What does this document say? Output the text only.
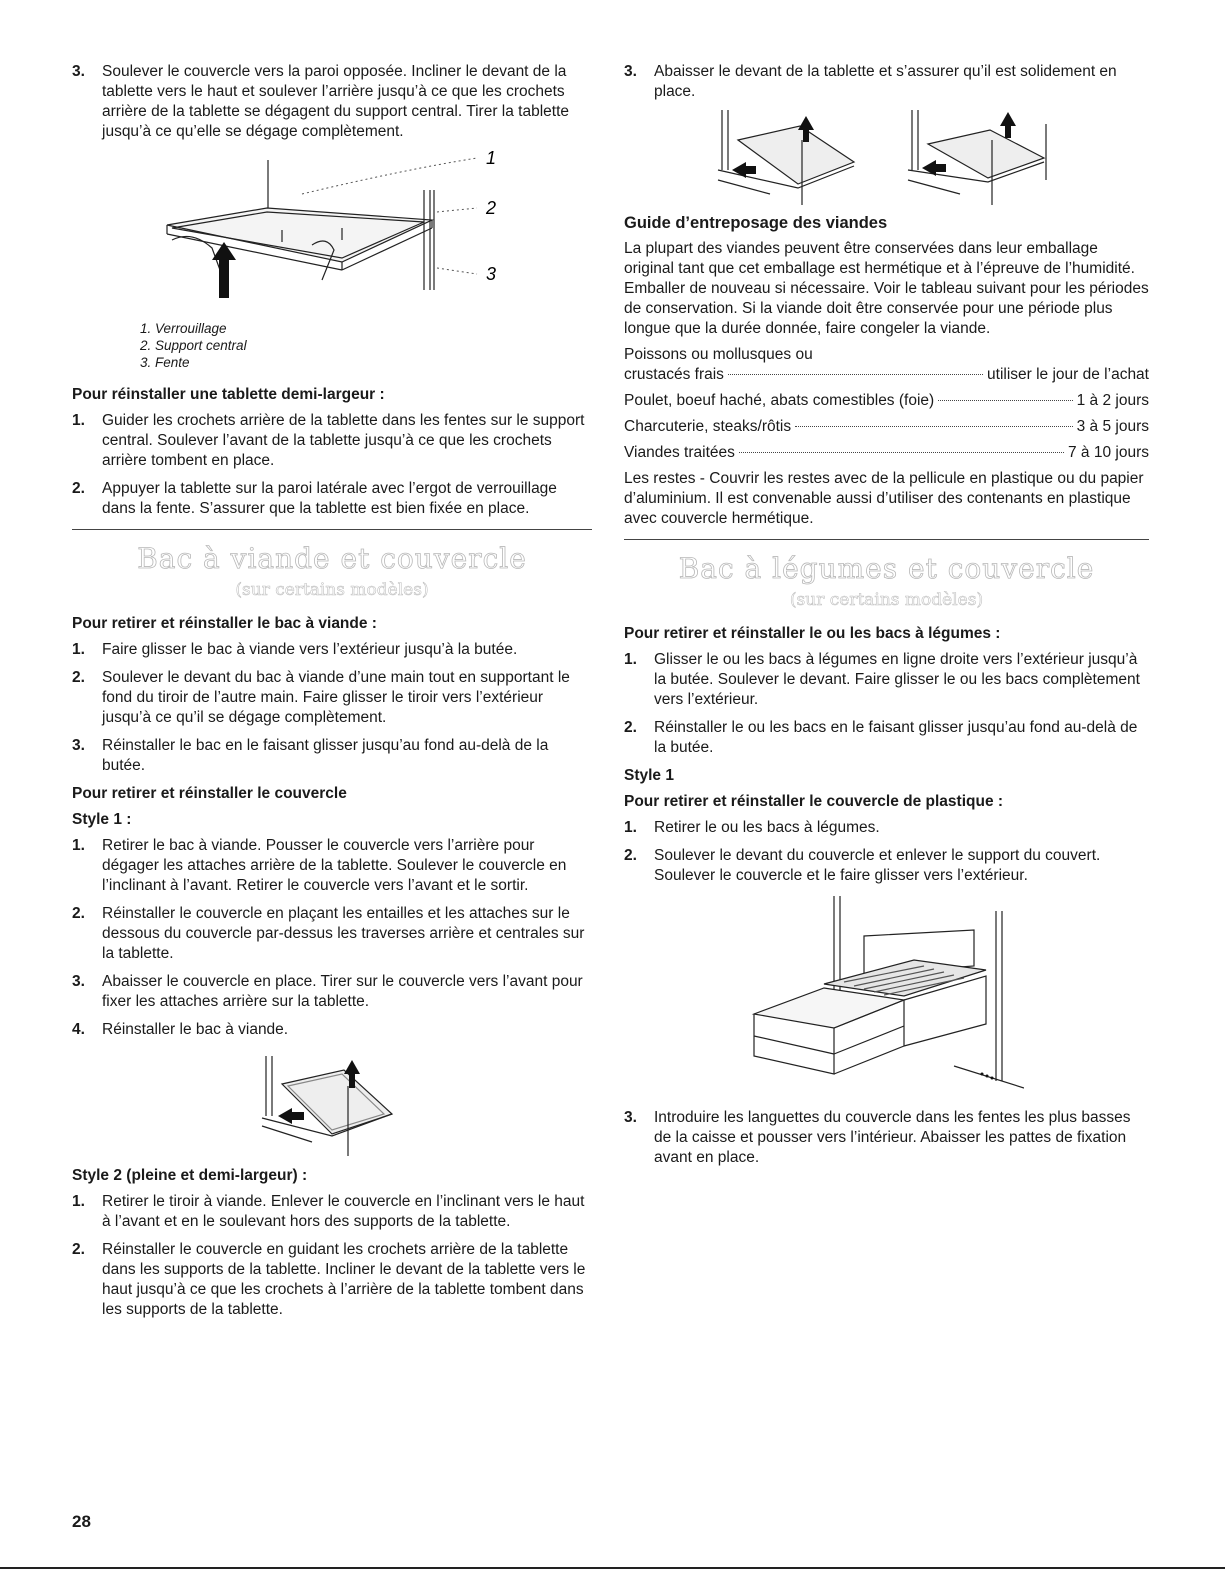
3. Soulever le couvercle vers la paroi opposée. Incliner le devant de la tablette vers le haut et soulever l’arrière jusqu’à ce que les crochets arrière de la tablette se dégagent du support central. Tirer la tablette jusqu’à ce qu’elle se dégage complètement.
1
2
3
1. Verrouillage
2. Support central
3. Fente
Pour réinstaller une tablette demi-largeur :
1. Guider les crochets arrière de la tablette dans les fentes sur le support central. Soulever l’avant de la tablette jusqu’à ce que les crochets arrière tombent en place.
2. Appuyer la tablette sur la paroi latérale avec l’ergot de verrouillage dans la fente. S’assurer que la tablette est bien fixée en place.
Bac à viande et couvercle
(sur certains modèles)
Pour retirer et réinstaller le bac à viande :
1. Faire glisser le bac à viande vers l’extérieur jusqu’à la butée.
2. Soulever le devant du bac à viande d’une main tout en supportant le fond du tiroir de l’autre main. Faire glisser le tiroir vers l’extérieur jusqu’à ce qu’il se dégage complètement.
3. Réinstaller le bac en le faisant glisser jusqu’au fond au-delà de la butée.
Pour retirer et réinstaller le couvercle
Style 1 :
1. Retirer le bac à viande. Pousser le couvercle vers l’arrière pour dégager les attaches arrière de la tablette. Soulever le couvercle en l’inclinant à l’avant. Retirer le couvercle vers l’avant et le sortir.
2. Réinstaller le couvercle en plaçant les entailles et les attaches sur le dessous du couvercle par-dessus les traverses arrière et centrales sur la tablette.
3. Abaisser le couvercle en place. Tirer sur le couvercle vers l’avant pour fixer les attaches arrière sur la tablette.
4. Réinstaller le bac à viande.
Style 2 (pleine et demi-largeur) :
1. Retirer le tiroir à viande. Enlever le couvercle en l’inclinant vers le haut à l’avant et en le soulevant hors des supports de la tablette.
2. Réinstaller le couvercle en guidant les crochets arrière de la tablette dans les supports de la tablette. Incliner le devant de la tablette vers le haut jusqu’à ce que les crochets à l’arrière de la tablette tombent dans les supports de la tablette.
3. Abaisser le devant de la tablette et s’assurer qu’il est solidement en place.
Guide d’entreposage des viandes

La plupart des viandes peuvent être conservées dans leur emballage original tant que cet emballage est hermétique et à l’épreuve de l’humidité. Emballer de nouveau si nécessaire. Voir le tableau suivant pour les périodes de conservation. Si la viande doit être conservée pour une période plus longue que la durée donnée, faire congeler la viande.

Poissons ou mollusques ou

crustacés frais	utiliser le jour de l’achat
Poulet, boeuf haché, abats comestibles (foie)	1 à 2 jours
Charcuterie, steaks/rôtis	3 à 5 jours
Viandes traitées	7 à 10 jours

Les restes - Couvrir les restes avec de la pellicule en plastique ou du papier d’aluminium. Il est convenable aussi d’utiliser des contenants en plastique avec couvercle hermétique.

Bac à légumes et couvercle
(sur certains modèles)
Pour retirer et réinstaller le ou les bacs à légumes :
1. Glisser le ou les bacs à légumes en ligne droite vers l’extérieur jusqu’à la butée. Soulever le devant. Faire glisser le ou les bacs complètement vers l’extérieur.
2. Réinstaller le ou les bacs en le faisant glisser jusqu’au fond au-delà de la butée.
Style 1
Pour retirer et réinstaller le couvercle de plastique :
1. Retirer le ou les bacs à légumes.
2. Soulever le devant du couvercle et enlever le support du couvert. Soulever le couvercle et le faire glisser vers l’extérieur.
3. Introduire les languettes du couvercle dans les fentes les plus basses de la caisse et pousser vers l’intérieur. Abaisser les pattes de fixation avant en place.
28
